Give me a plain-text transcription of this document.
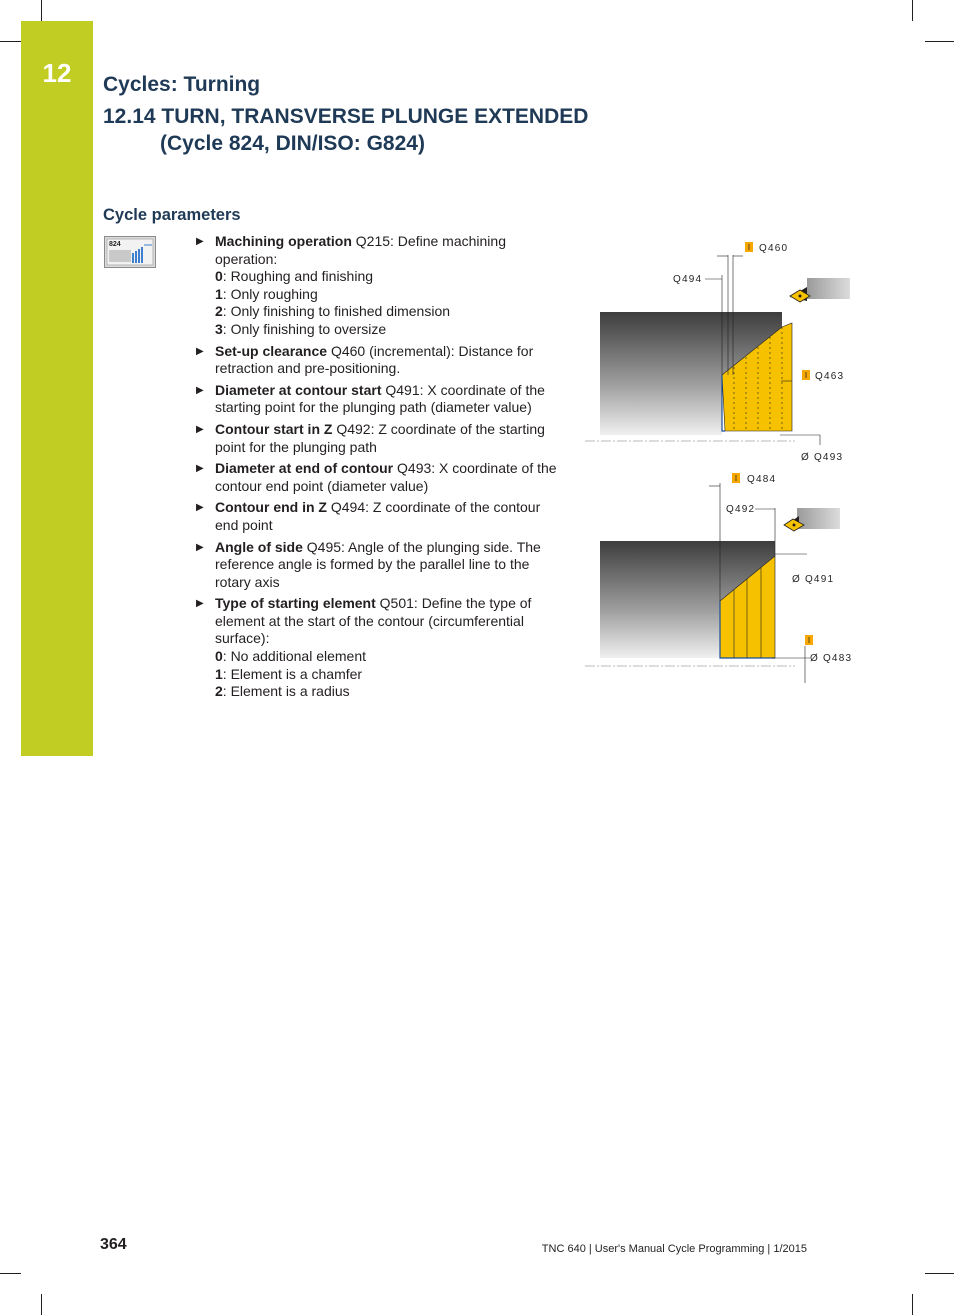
12	Cycles: Turning
12.14 TURN, TRANSVERSE PLUNGE EXTENDED
(Cycle 824, DIN/ISO: G824)
Cycle parameters
824	▶ Machining operation Q215: Define machining operation:
0: Roughing and finishing
1: Only roughing
2: Only finishing to finished dimension
3: Only finishing to oversize
▶ Set-up clearance Q460 (incremental): Distance for retraction and pre-positioning.
▶ Diameter at contour start Q491: X coordinate of the starting point for the plunging path (diameter value)
▶ Contour start in Z Q492: Z coordinate of the starting point for the plunging path
▶ Diameter at end of contour Q493: X coordinate of the contour end point (diameter value)
▶ Contour end in Z Q494: Z coordinate of the contour end point
▶ Angle of side Q495: Angle of the plunging side. The reference angle is formed by the parallel line to the rotary axis
▶ Type of starting element Q501: Define the type of element at the start of the contour (circumferential surface):
0: No additional element
1: Element is a chamfer
2: Element is a radius
I Q460
Q494
I Q463
Ø Q493
I Q484
Q492
Ø Q491
I
Ø Q483
364	TNC 640 | User's Manual Cycle Programming | 1/2015
